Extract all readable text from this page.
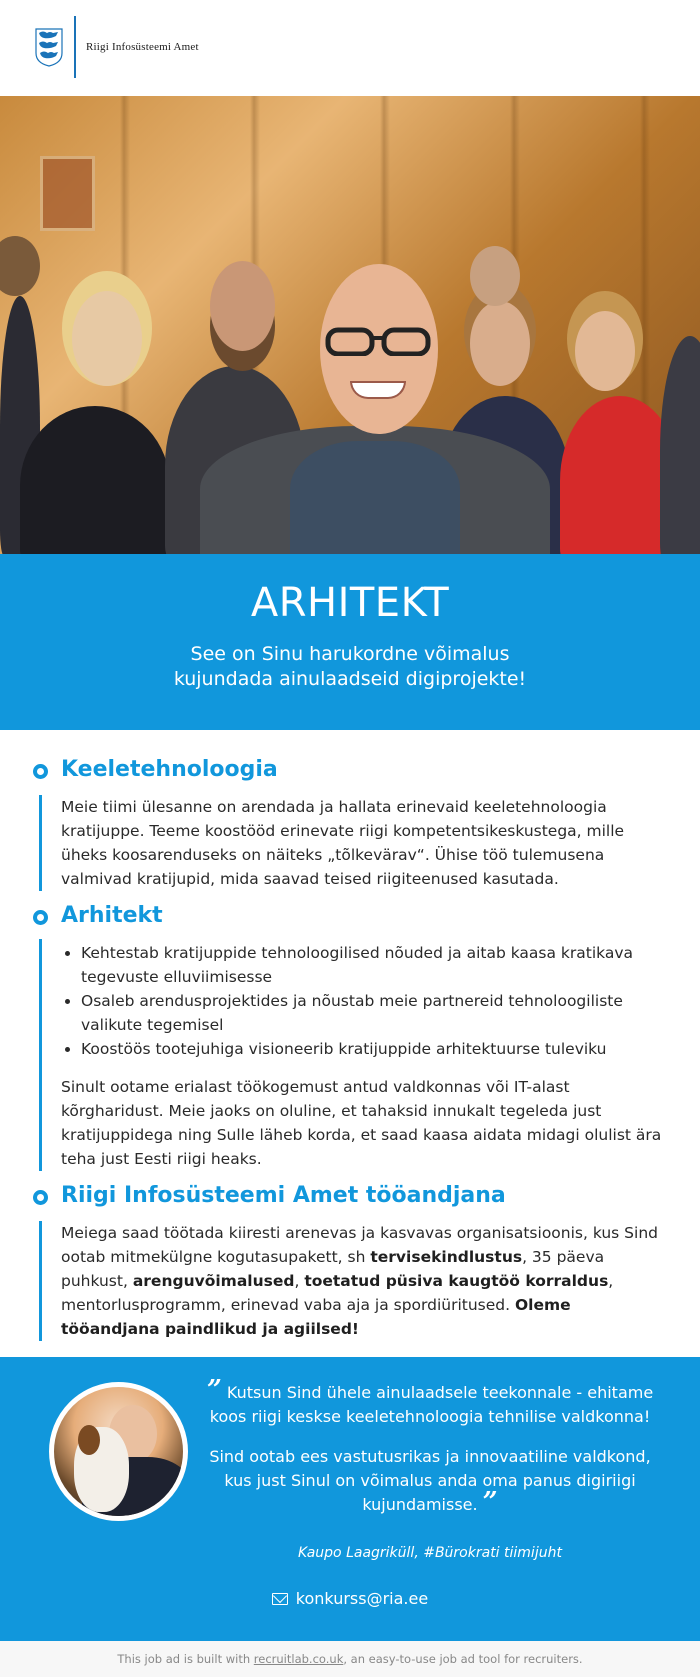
Riigi Infosüsteemi Amet
ARHITEKT
See on Sinu harukordne võimalus
kujundada ainulaadseid digiprojekte!
Keeletehnoloogia

Meie tiimi ülesanne on arendada ja hallata erinevaid keeletehnoloogia kratijuppe. Teeme koostööd erinevate riigi kompetentsikeskustega, mille üheks koosarenduseks on näiteks „tõlkevärav“. Ühise töö tulemusena valmivad kratijupid, mida saavad teised riigiteenused kasutada.

Arhitekt
• Kehtestab kratijuppide tehnoloogilised nõuded ja aitab kaasa kratikava tegevuste elluviimisesse
• Osaleb arendusprojektides ja nõustab meie partnereid tehnoloogiliste valikute tegemisel
• Koostöös tootejuhiga visioneerib kratijuppide arhitektuurse tuleviku

Sinult ootame erialast töökogemust antud valdkonnas või IT-alast kõrgharidust. Meie jaoks on oluline, et tahaksid innukalt tegeleda just kratijuppidega ning Sulle läheb korda, et saad kaasa aidata midagi olulist ära teha just Eesti riigi heaks.

Riigi Infosüsteemi Amet tööandjana

Meiega saad töötada kiiresti arenevas ja kasvavas organisatsioonis, kus Sind ootab mitmekülgne kogutasupakett, sh tervisekindlustus, 35 päeva puhkust, arenguvõimalused, toetatud püsiva kaugtöö korraldus, mentorlusprogramm, erinevad vaba aja ja spordiüritused. Oleme tööandjana paindlikud ja agiilsed!

” Kutsun Sind ühele ainulaadsele teekonnale - ehitame koos riigi keskse keeletehnoloogia tehnilise valdkonna!

Sind ootab ees vastutusrikas ja innovaatiline valdkond, kus just Sinul on võimalus anda oma panus digiriigi kujundamisse. ”

Kaupo Laagriküll, #Bürokrati tiimijuht
konkurss@ria.ee
This job ad is built with recruitlab.co.uk, an easy-to-use job ad tool for recruiters.
